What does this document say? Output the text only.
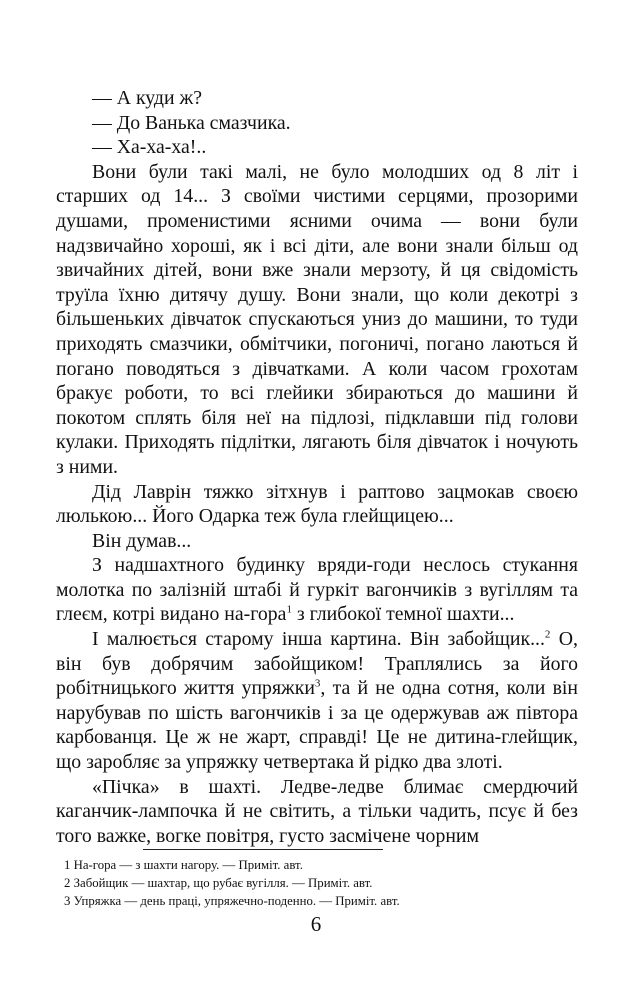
— А куди ж?

— До Ванька смазчика.

— Ха-ха-ха!..

Вони були такі малі, не було молодших од 8 літ і старших од 14... З своїми чистими серцями, прозорими душами, променистими ясними очима — вони були надзвичайно хороші, як і всі діти, але вони знали більш од звичайних дітей, вони вже знали мерзоту, й ця свідомість труїла їхню дитячу душу. Вони знали, що коли декотрі з більшеньких дівчаток спускаються униз до машини, то туди приходять смазчики, обмітчики, погоничі, погано лаються й погано поводяться з дівчатками. А коли часом грохотам бракує роботи, то всі глейики збираються до машини й покотом сплять біля неї на підлозі, підклавши під голови кулаки. Приходять підлітки, лягають біля дівчаток і ночують з ними.

Дід Лаврін тяжко зітхнув і раптово зацмокав своєю люлькою... Його Одарка теж була глейщицею...

Він думав...

З надшахтного будинку вряди-годи неслось стукання молотка по залізній штабі й гуркіт вагончиків з вугіллям та глеєм, котрі видано на-гора$^1$ з глибокої темної шахти...

І малюється старому інша картина. Він забойщик...$^2$ О, він був добрячим забойщиком! Траплялись за його робітницького життя упряжки$^3$, та й не одна сотня, коли він нарубував по шість вагончиків і за це одержував аж півтора карбованця. Це ж не жарт, справді! Це не дитина-глейщик, що заробляє за упряжку четвертака й рідко два злоті.

«Пічка» в шахті. Ледве-ледве блимає смердючий каганчик-лампочка й не світить, а тільки чадить, псує й без того важке, вогке повітря, густо засмічене чорним

1 На-гора — з шахти нагору. — Приміт. авт.

2 Забойщик — шахтар, що рубає вугілля. — Приміт. авт.

3 Упряжка — день праці, упряжечно-поденно. — Приміт. авт.

6
